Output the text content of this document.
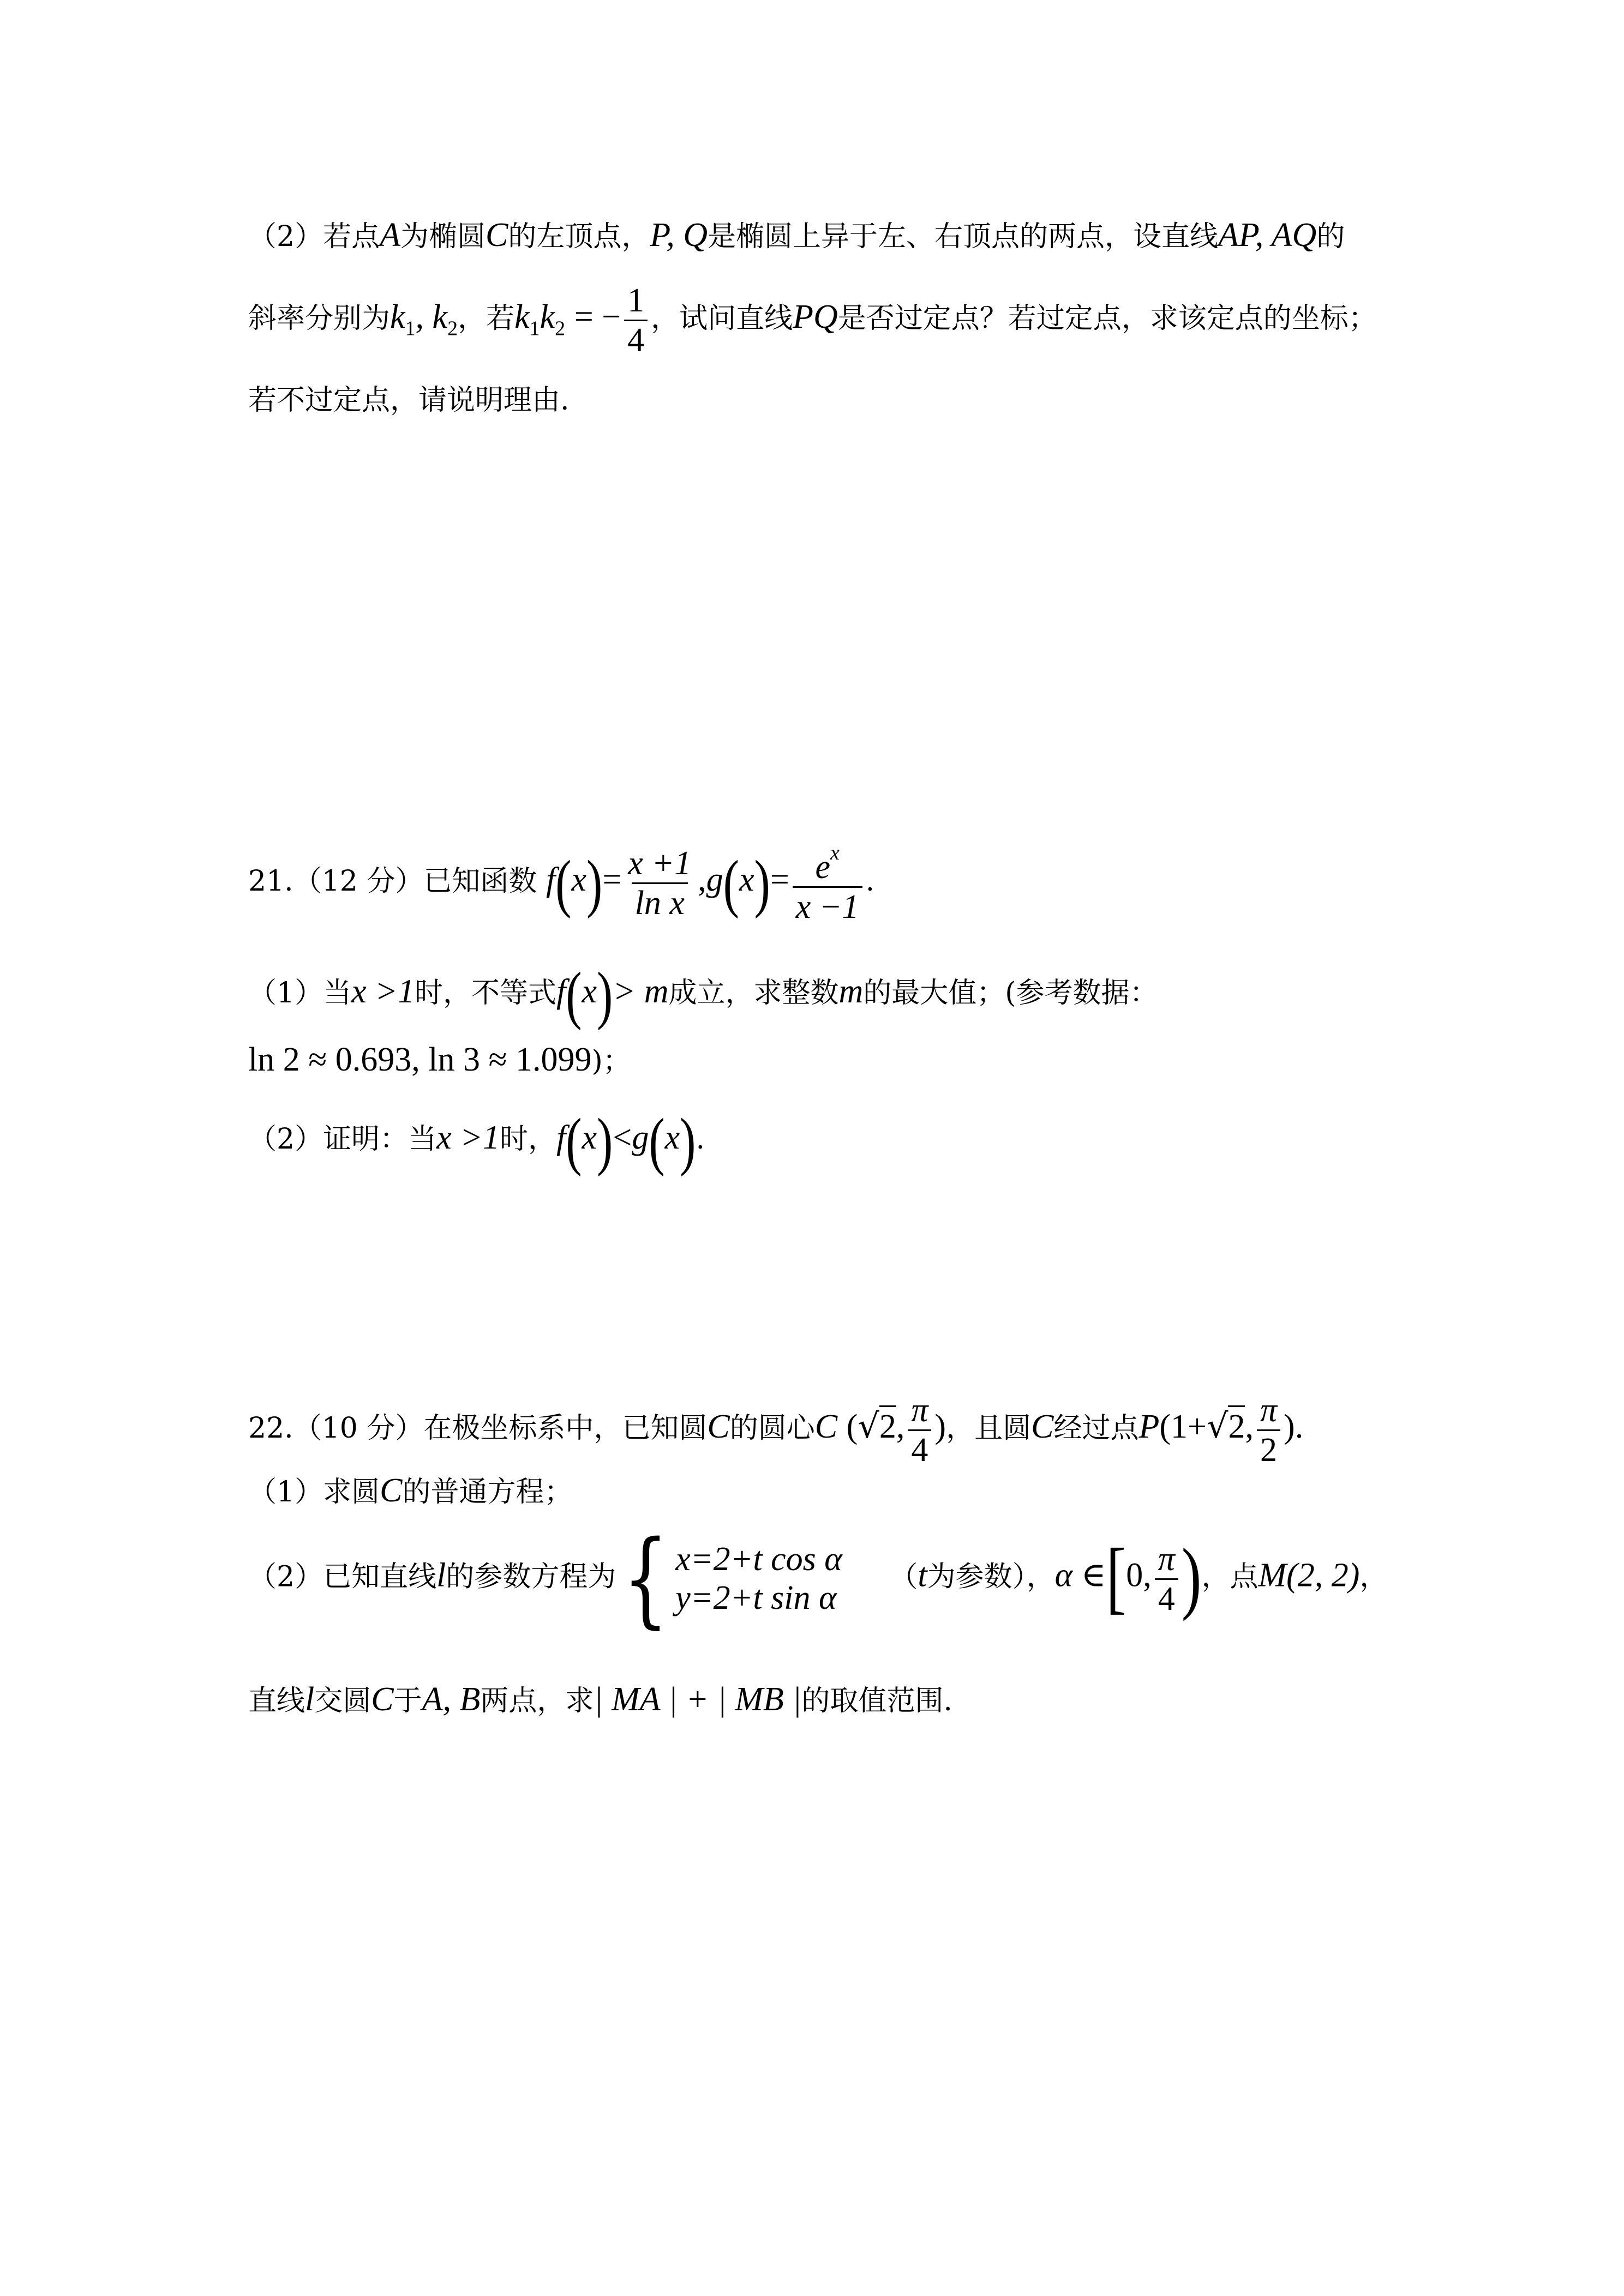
（2）若点A为椭圆C的左顶点，P, Q是椭圆上异于左、右顶点的两点，设直线AP, AQ的
斜率分别为$k_1$, $k_2$，若$k_1k_2$ = − $\frac{1}{4}$ ，试问直线PQ是否过定点？若过定点，求该定点的坐标；
若不过定点，请说明理由.
21.（12 分）已知函数 $f(x)= \frac{x +1}{\text{ln x}} ,g(x)= \frac{e^x}{x -1}$ .
（1）当x >1时，不等式f(x)> m成立，求整数m的最大值；(参考数据：
ln 2 ≈ 0.693, ln 3 ≈ 1.099)；
（2）证明：当x >1时，f(x)<g(x).
22.（10 分）在极坐标系中，已知圆C的圆心C (√2, $\frac{\pi}{4}$ )，且圆C经过点P(1+√2, $\frac{\pi}{2}$ ).
（1）求圆C的普通方程；
（2）已知直线l的参数方程为{ x=2+t cos α
y=2+t sin α
（t为参数），α ∈[0, $\frac{\pi}{4}$ )，点M(2, 2)，
直线l交圆C于A, B两点，求| MA | + | MB |的取值范围.
